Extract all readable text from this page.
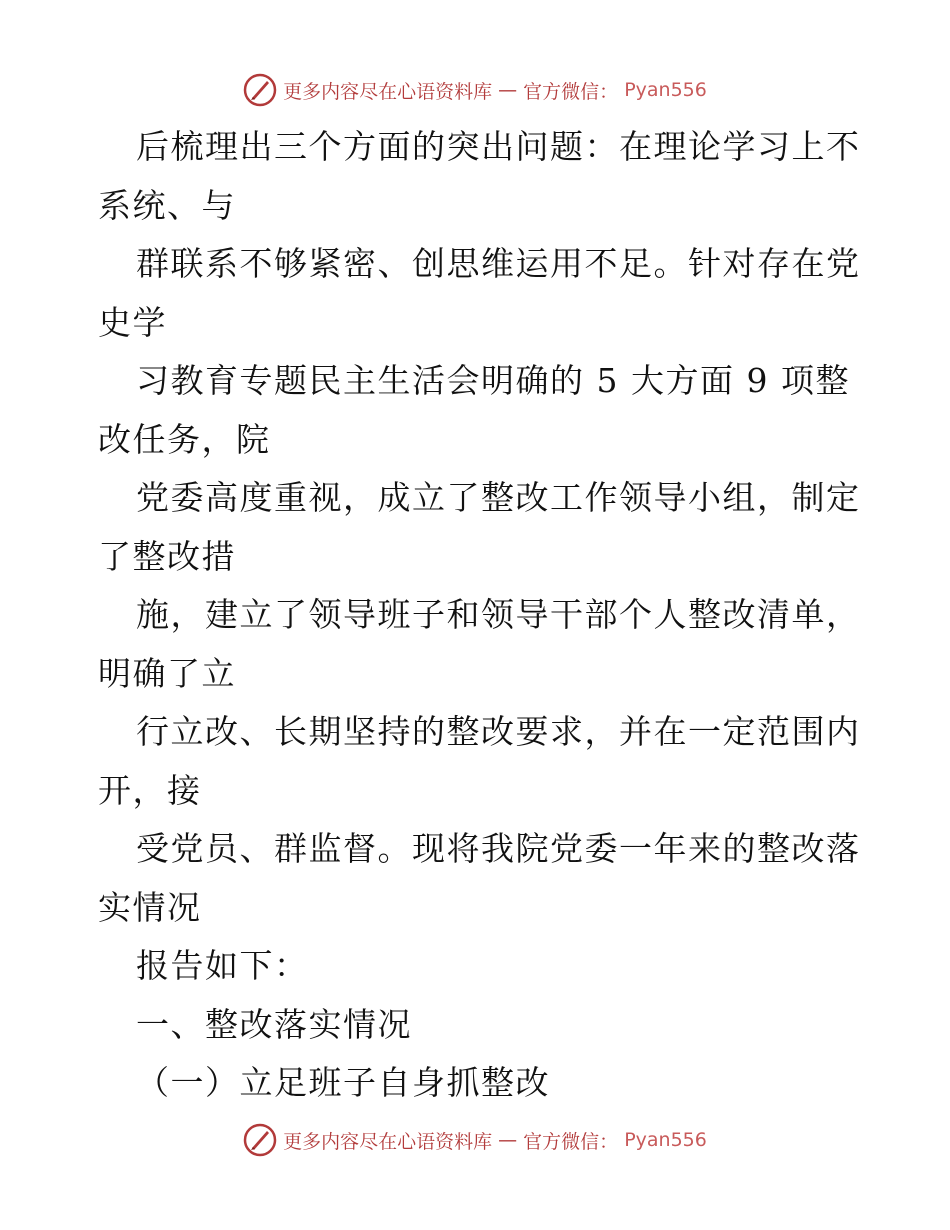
更多内容尽在心语资料库 — 官方微信： Pyan556
后梳理出三个方面的突出问题：在理论学习上不
系统、与
群联系不够紧密、创思维运用不足。针对存在党
史学
习教育专题民主生活会明确的 5 大方面 9 项整
改任务，院
党委高度重视，成立了整改工作领导小组，制定
了整改措
施，建立了领导班子和领导干部个人整改清单，
明确了立
行立改、长期坚持的整改要求，并在一定范围内
开，接
受党员、群监督。现将我院党委一年来的整改落
实情况
报告如下：
一、整改落实情况
（一）立足班子自身抓整改
更多内容尽在心语资料库 — 官方微信： Pyan556
